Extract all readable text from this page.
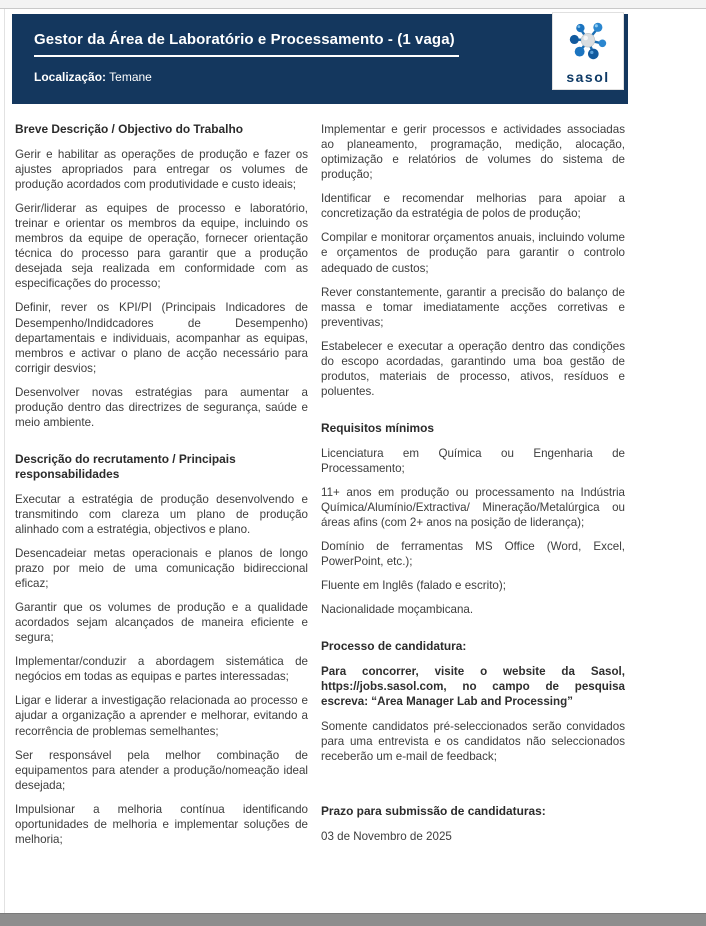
Gestor da Área de Laboratório e Processamento - (1 vaga)
Localização: Temane	sasol
Breve Descrição / Objectivo do Trabalho
Gerir e habilitar as operações de produção e fazer os ajustes apropriados para entregar os volumes de produção acordados com produtividade e custo ideais;
Gerir/liderar as equipes de processo e laboratório, treinar e orientar os membros da equipe, incluindo os membros da equipe de operação, fornecer orientação técnica do processo para garantir que a produção desejada seja realizada em conformidade com as especificações do processo;
Definir, rever os KPI/PI (Principais Indicadores de Desempenho/Indidcadores de Desempenho) departamentais e individuais, acompanhar as equipas, membros e activar o plano de acção necessário para corrigir desvios;
Desenvolver novas estratégias para aumentar a produção dentro das directrizes de segurança, saúde e meio ambiente.
Descrição do recrutamento / Principais responsabilidades
Executar a estratégia de produção desenvolvendo e transmitindo com clareza um plano de produção alinhado com a estratégia, objectivos e plano.
Desencadeiar metas operacionais e planos de longo prazo por meio de uma comunicação bidireccional eficaz;
Garantir que os volumes de produção e a qualidade acordados sejam alcançados de maneira eficiente e segura;
Implementar/conduzir a abordagem sistemática de negócios em todas as equipas e partes interessadas;
Ligar e liderar a investigação relacionada ao processo e ajudar a organização a aprender e melhorar, evitando a recorrência de problemas semelhantes;
Ser responsável pela melhor combinação de equipamentos para atender a produção/nomeação ideal desejada;
Impulsionar a melhoria contínua identificando oportunidades de melhoria e implementar soluções de melhoria;
Implementar e gerir processos e actividades associadas ao planeamento, programação, medição, alocação, optimização e relatórios de volumes do sistema de produção;
Identificar e recomendar melhorias para apoiar a concretização da estratégia de polos de produção;
Compilar e monitorar orçamentos anuais, incluindo volume e orçamentos de produção para garantir o controlo adequado de custos;
Rever constantemente, garantir a precisão do balanço de massa e tomar imediatamente acções corretivas e preventivas;
Estabelecer e executar a operação dentro das condições do escopo acordadas, garantindo uma boa gestão de produtos, materiais de processo, ativos, resíduos e poluentes.
Requisitos mínimos
Licenciatura em Química ou Engenharia de Processamento;
11+ anos em produção ou processamento na Indústria Química/Alumínio/Extractiva/ Mineração/Metalúrgica ou áreas afins (com 2+ anos na posição de liderança);
Domínio de ferramentas MS Office (Word, Excel, PowerPoint, etc.);
Fluente em Inglês (falado e escrito);
Nacionalidade moçambicana.
Processo de candidatura:
Para concorrer, visite o website da Sasol, https://jobs.sasol.com, no campo de pesquisa escreva: “Area Manager Lab and Processing”
Somente candidatos pré-seleccionados serão convidados para uma entrevista e os candidatos não seleccionados receberão um e-mail de feedback;
Prazo para submissão de candidaturas:
03 de Novembro de 2025
